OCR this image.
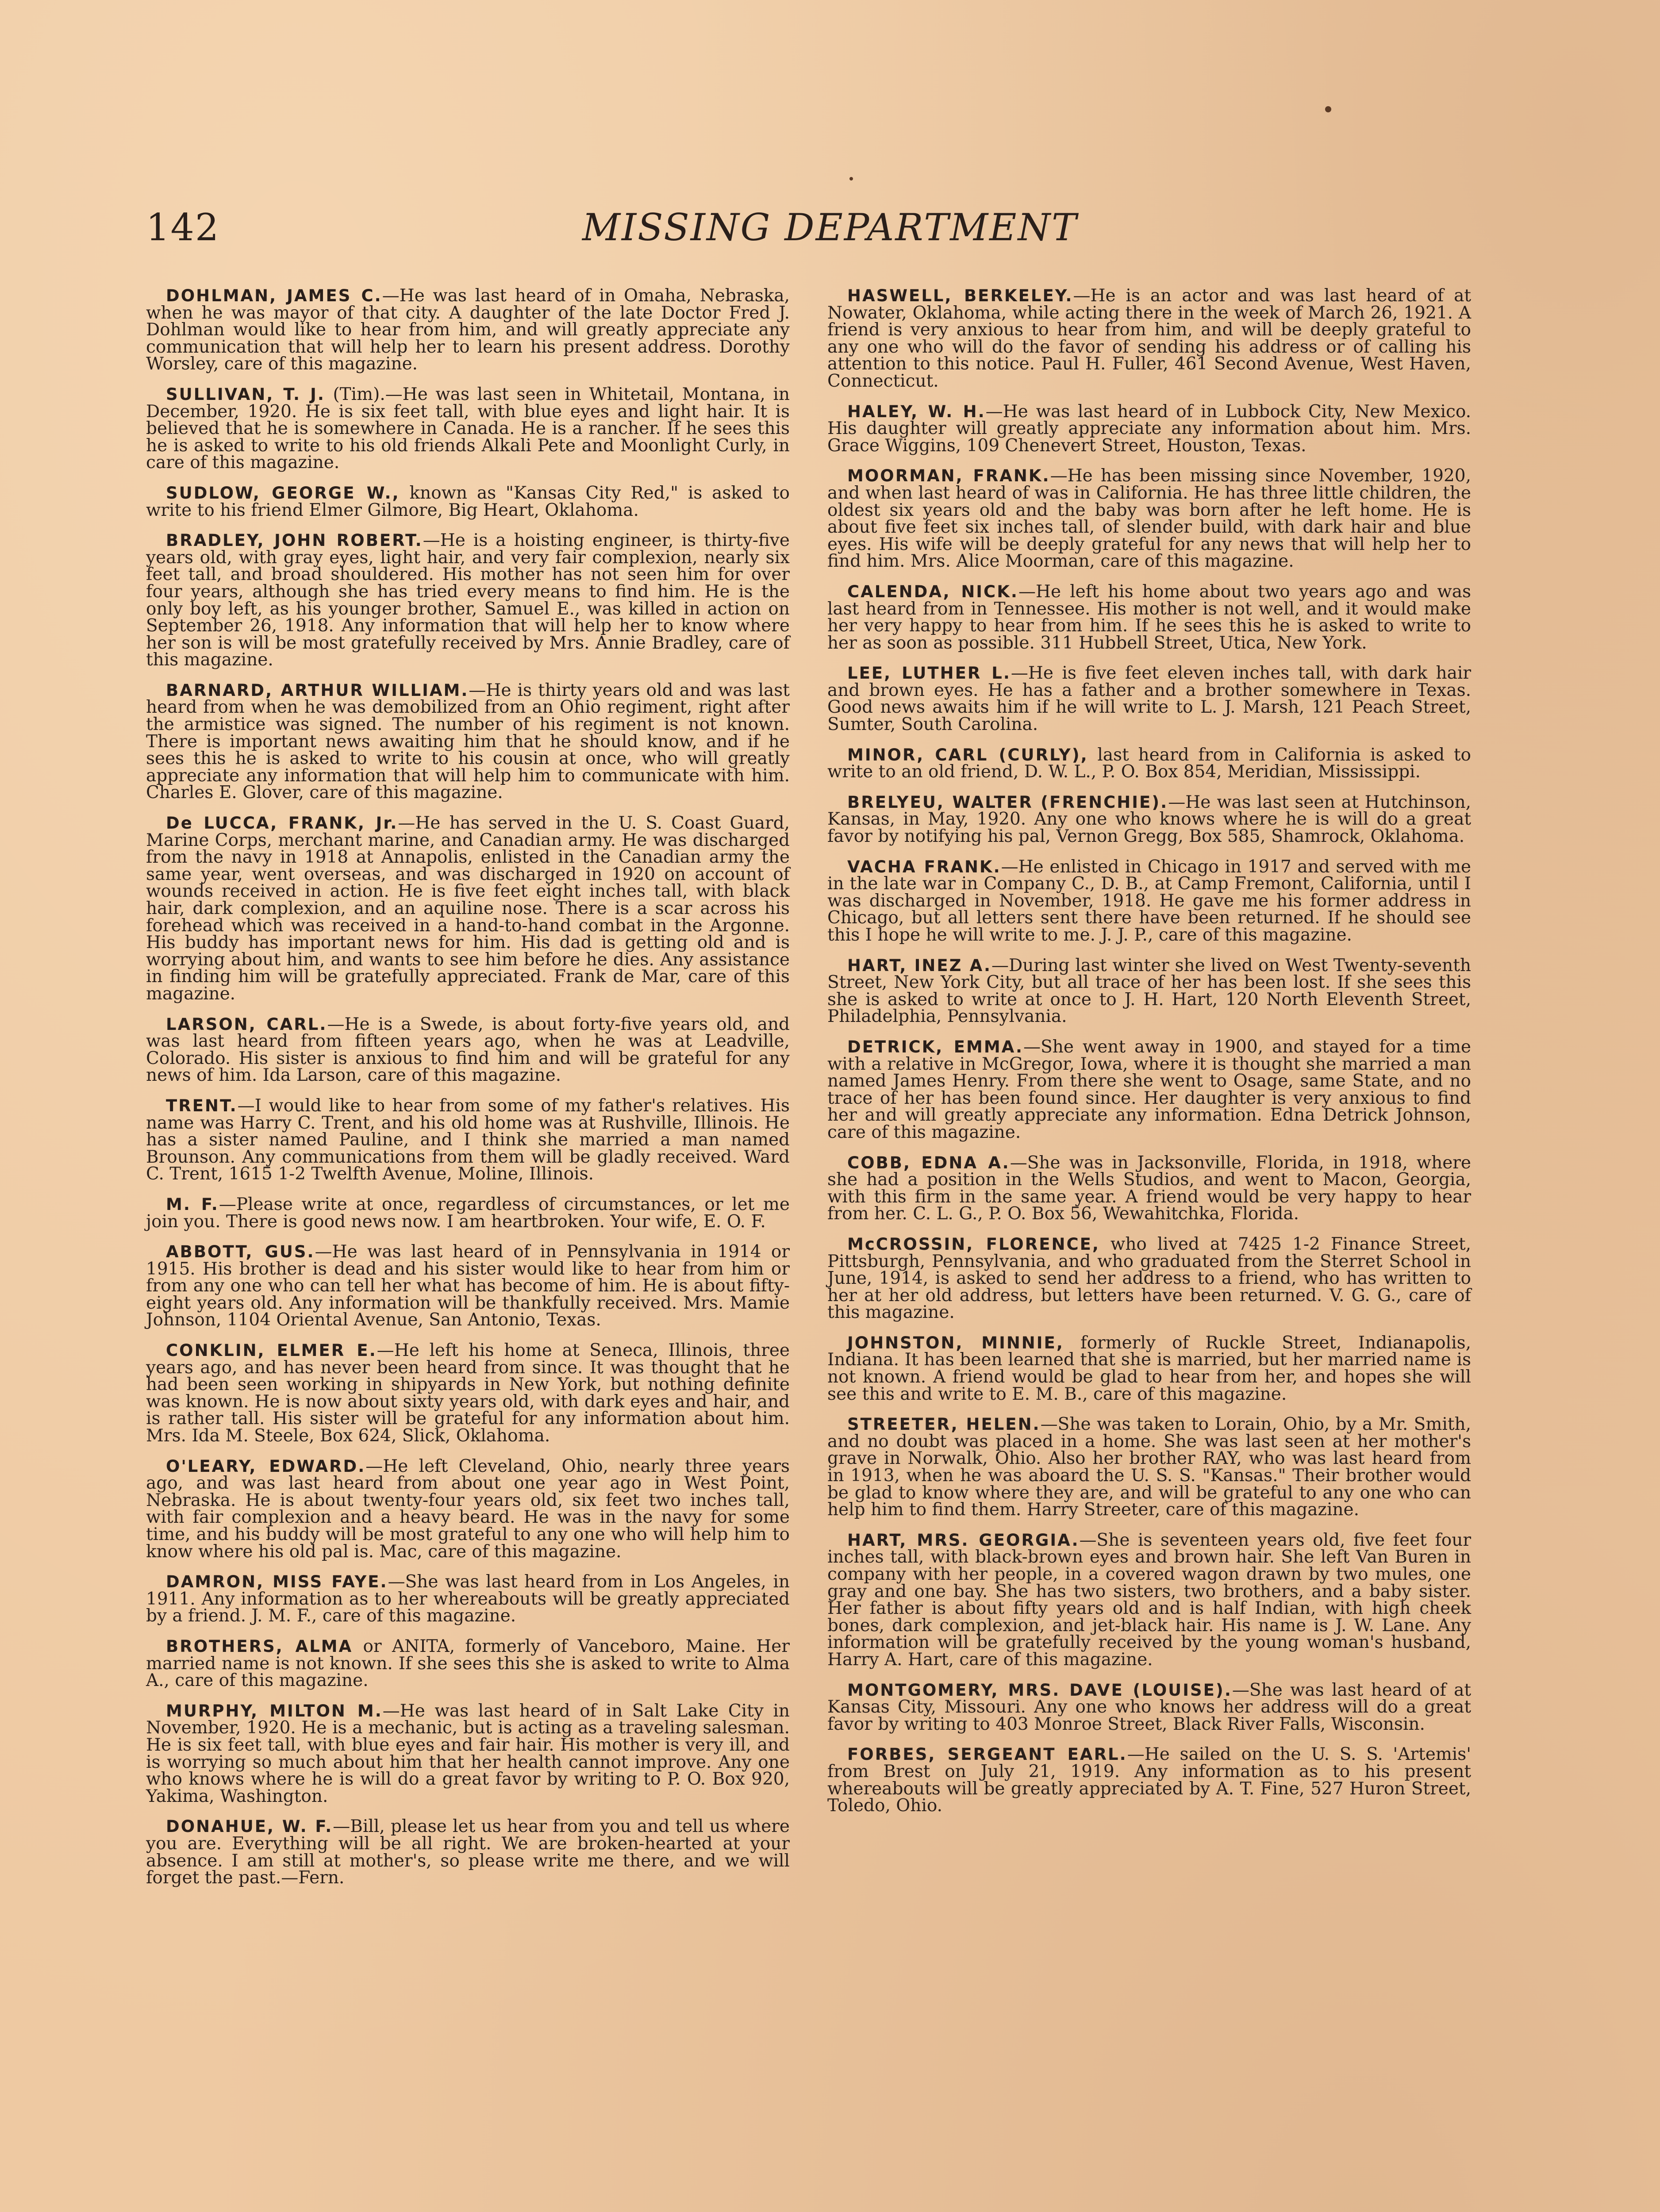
142	MISSING DEPARTMENT

DOHLMAN, JAMES C.—He was last heard of in Omaha, Nebraska, when he was mayor of that city. A daughter of the late Doctor Fred J. Dohlman would like to hear from him, and will greatly appreciate any communication that will help her to learn his present address. Dorothy Worsley, care of this magazine.

SULLIVAN, T. J. (Tim).—He was last seen in Whitetail, Montana, in December, 1920. He is six feet tall, with blue eyes and light hair. It is believed that he is somewhere in Canada. He is a rancher. If he sees this he is asked to write to his old friends Alkali Pete and Moonlight Curly, in care of this magazine.

SUDLOW, GEORGE W., known as "Kansas City Red," is asked to write to his friend Elmer Gilmore, Big Heart, Oklahoma.

BRADLEY, JOHN ROBERT.—He is a hoisting engineer, is thirty-five years old, with gray eyes, light hair, and very fair complexion, nearly six feet tall, and broad shouldered. His mother has not seen him for over four years, although she has tried every means to find him. He is the only boy left, as his younger brother, Samuel E., was killed in action on September 26, 1918. Any information that will help her to know where her son is will be most gratefully received by Mrs. Annie Bradley, care of this magazine.

BARNARD, ARTHUR WILLIAM.—He is thirty years old and was last heard from when he was demobilized from an Ohio regiment, right after the armistice was signed. The number of his regiment is not known. There is important news awaiting him that he should know, and if he sees this he is asked to write to his cousin at once, who will greatly appreciate any information that will help him to communicate with him. Charles E. Glover, care of this magazine.

De LUCCA, FRANK, Jr.—He has served in the U. S. Coast Guard, Marine Corps, merchant marine, and Canadian army. He was discharged from the navy in 1918 at Annapolis, enlisted in the Canadian army the same year, went overseas, and was discharged in 1920 on account of wounds received in action. He is five feet eight inches tall, with black hair, dark complexion, and an aquiline nose. There is a scar across his forehead which was received in a hand-to-hand combat in the Argonne. His buddy has important news for him. His dad is getting old and is worrying about him, and wants to see him before he dies. Any assistance in finding him will be gratefully appreciated. Frank de Mar, care of this magazine.

LARSON, CARL.—He is a Swede, is about forty-five years old, and was last heard from fifteen years ago, when he was at Leadville, Colorado. His sister is anxious to find him and will be grateful for any news of him. Ida Larson, care of this magazine.

TRENT.—I would like to hear from some of my father's relatives. His name was Harry C. Trent, and his old home was at Rushville, Illinois. He has a sister named Pauline, and I think she married a man named Brounson. Any communications from them will be gladly received. Ward C. Trent, 1615 1-2 Twelfth Avenue, Moline, Illinois.

M. F.—Please write at once, regardless of circumstances, or let me join you. There is good news now. I am heartbroken. Your wife, E. O. F.

ABBOTT, GUS.—He was last heard of in Pennsylvania in 1914 or 1915. His brother is dead and his sister would like to hear from him or from any one who can tell her what has become of him. He is about fifty-eight years old. Any information will be thankfully received. Mrs. Mamie Johnson, 1104 Oriental Avenue, San Antonio, Texas.

CONKLIN, ELMER E.—He left his home at Seneca, Illinois, three years ago, and has never been heard from since. It was thought that he had been seen working in shipyards in New York, but nothing definite was known. He is now about sixty years old, with dark eyes and hair, and is rather tall. His sister will be grateful for any information about him. Mrs. Ida M. Steele, Box 624, Slick, Oklahoma.

O'LEARY, EDWARD.—He left Cleveland, Ohio, nearly three years ago, and was last heard from about one year ago in West Point, Nebraska. He is about twenty-four years old, six feet two inches tall, with fair complexion and a heavy beard. He was in the navy for some time, and his buddy will be most grateful to any one who will help him to know where his old pal is. Mac, care of this magazine.

DAMRON, MISS FAYE.—She was last heard from in Los Angeles, in 1911. Any information as to her whereabouts will be greatly appreciated by a friend. J. M. F., care of this magazine.

BROTHERS, ALMA or ANITA, formerly of Vanceboro, Maine. Her married name is not known. If she sees this she is asked to write to Alma A., care of this magazine.

MURPHY, MILTON M.—He was last heard of in Salt Lake City in November, 1920. He is a mechanic, but is acting as a traveling salesman. He is six feet tall, with blue eyes and fair hair. His mother is very ill, and is worrying so much about him that her health cannot improve. Any one who knows where he is will do a great favor by writing to P. O. Box 920, Yakima, Washington.

DONAHUE, W. F.—Bill, please let us hear from you and tell us where you are. Everything will be all right. We are broken-hearted at your absence. I am still at mother's, so please write me there, and we will forget the past.—Fern.

HASWELL, BERKELEY.—He is an actor and was last heard of at Nowater, Oklahoma, while acting there in the week of March 26, 1921. A friend is very anxious to hear from him, and will be deeply grateful to any one who will do the favor of sending his address or of calling his attention to this notice. Paul H. Fuller, 461 Second Avenue, West Haven, Connecticut.

HALEY, W. H.—He was last heard of in Lubbock City, New Mexico. His daughter will greatly appreciate any information about him. Mrs. Grace Wiggins, 109 Chenevert Street, Houston, Texas.

MOORMAN, FRANK.—He has been missing since November, 1920, and when last heard of was in California. He has three little children, the oldest six years old and the baby was born after he left home. He is about five feet six inches tall, of slender build, with dark hair and blue eyes. His wife will be deeply grateful for any news that will help her to find him. Mrs. Alice Moorman, care of this magazine.

CALENDA, NICK.—He left his home about two years ago and was last heard from in Tennessee. His mother is not well, and it would make her very happy to hear from him. If he sees this he is asked to write to her as soon as possible. 311 Hubbell Street, Utica, New York.

LEE, LUTHER L.—He is five feet eleven inches tall, with dark hair and brown eyes. He has a father and a brother somewhere in Texas. Good news awaits him if he will write to L. J. Marsh, 121 Peach Street, Sumter, South Carolina.

MINOR, CARL (CURLY), last heard from in California is asked to write to an old friend, D. W. L., P. O. Box 854, Meridian, Mississippi.

BRELYEU, WALTER (FRENCHIE).—He was last seen at Hutchinson, Kansas, in May, 1920. Any one who knows where he is will do a great favor by notifying his pal, Vernon Gregg, Box 585, Shamrock, Oklahoma.

VACHA FRANK.—He enlisted in Chicago in 1917 and served with me in the late war in Company C., D. B., at Camp Fremont, California, until I was discharged in November, 1918. He gave me his former address in Chicago, but all letters sent there have been returned. If he should see this I hope he will write to me. J. J. P., care of this magazine.

HART, INEZ A.—During last winter she lived on West Twenty-seventh Street, New York City, but all trace of her has been lost. If she sees this she is asked to write at once to J. H. Hart, 120 North Eleventh Street, Philadelphia, Pennsylvania.

DETRICK, EMMA.—She went away in 1900, and stayed for a time with a relative in McGregor, Iowa, where it is thought she married a man named James Henry. From there she went to Osage, same State, and no trace of her has been found since. Her daughter is very anxious to find her and will greatly appreciate any information. Edna Detrick Johnson, care of this magazine.

COBB, EDNA A.—She was in Jacksonville, Florida, in 1918, where she had a position in the Wells Studios, and went to Macon, Georgia, with this firm in the same year. A friend would be very happy to hear from her. C. L. G., P. O. Box 56, Wewahitchka, Florida.

McCROSSIN, FLORENCE, who lived at 7425 1-2 Finance Street, Pittsburgh, Pennsylvania, and who graduated from the Sterret School in June, 1914, is asked to send her address to a friend, who has written to her at her old address, but letters have been returned. V. G. G., care of this magazine.

JOHNSTON, MINNIE, formerly of Ruckle Street, Indianapolis, Indiana. It has been learned that she is married, but her married name is not known. A friend would be glad to hear from her, and hopes she will see this and write to E. M. B., care of this magazine.

STREETER, HELEN.—She was taken to Lorain, Ohio, by a Mr. Smith, and no doubt was placed in a home. She was last seen at her mother's grave in Norwalk, Ohio. Also her brother RAY, who was last heard from in 1913, when he was aboard the U. S. S. "Kansas." Their brother would be glad to know where they are, and will be grateful to any one who can help him to find them. Harry Streeter, care of this magazine.

HART, MRS. GEORGIA.—She is seventeen years old, five feet four inches tall, with black-brown eyes and brown hair. She left Van Buren in company with her people, in a covered wagon drawn by two mules, one gray and one bay. She has two sisters, two brothers, and a baby sister. Her father is about fifty years old and is half Indian, with high cheek bones, dark complexion, and jet-black hair. His name is J. W. Lane. Any information will be gratefully received by the young woman's husband, Harry A. Hart, care of this magazine.

MONTGOMERY, MRS. DAVE (LOUISE).—She was last heard of at Kansas City, Missouri. Any one who knows her address will do a great favor by writing to 403 Monroe Street, Black River Falls, Wisconsin.

FORBES, SERGEANT EARL.—He sailed on the U. S. S. 'Artemis' from Brest on July 21, 1919. Any information as to his present whereabouts will be greatly appreciated by A. T. Fine, 527 Huron Street, Toledo, Ohio.
